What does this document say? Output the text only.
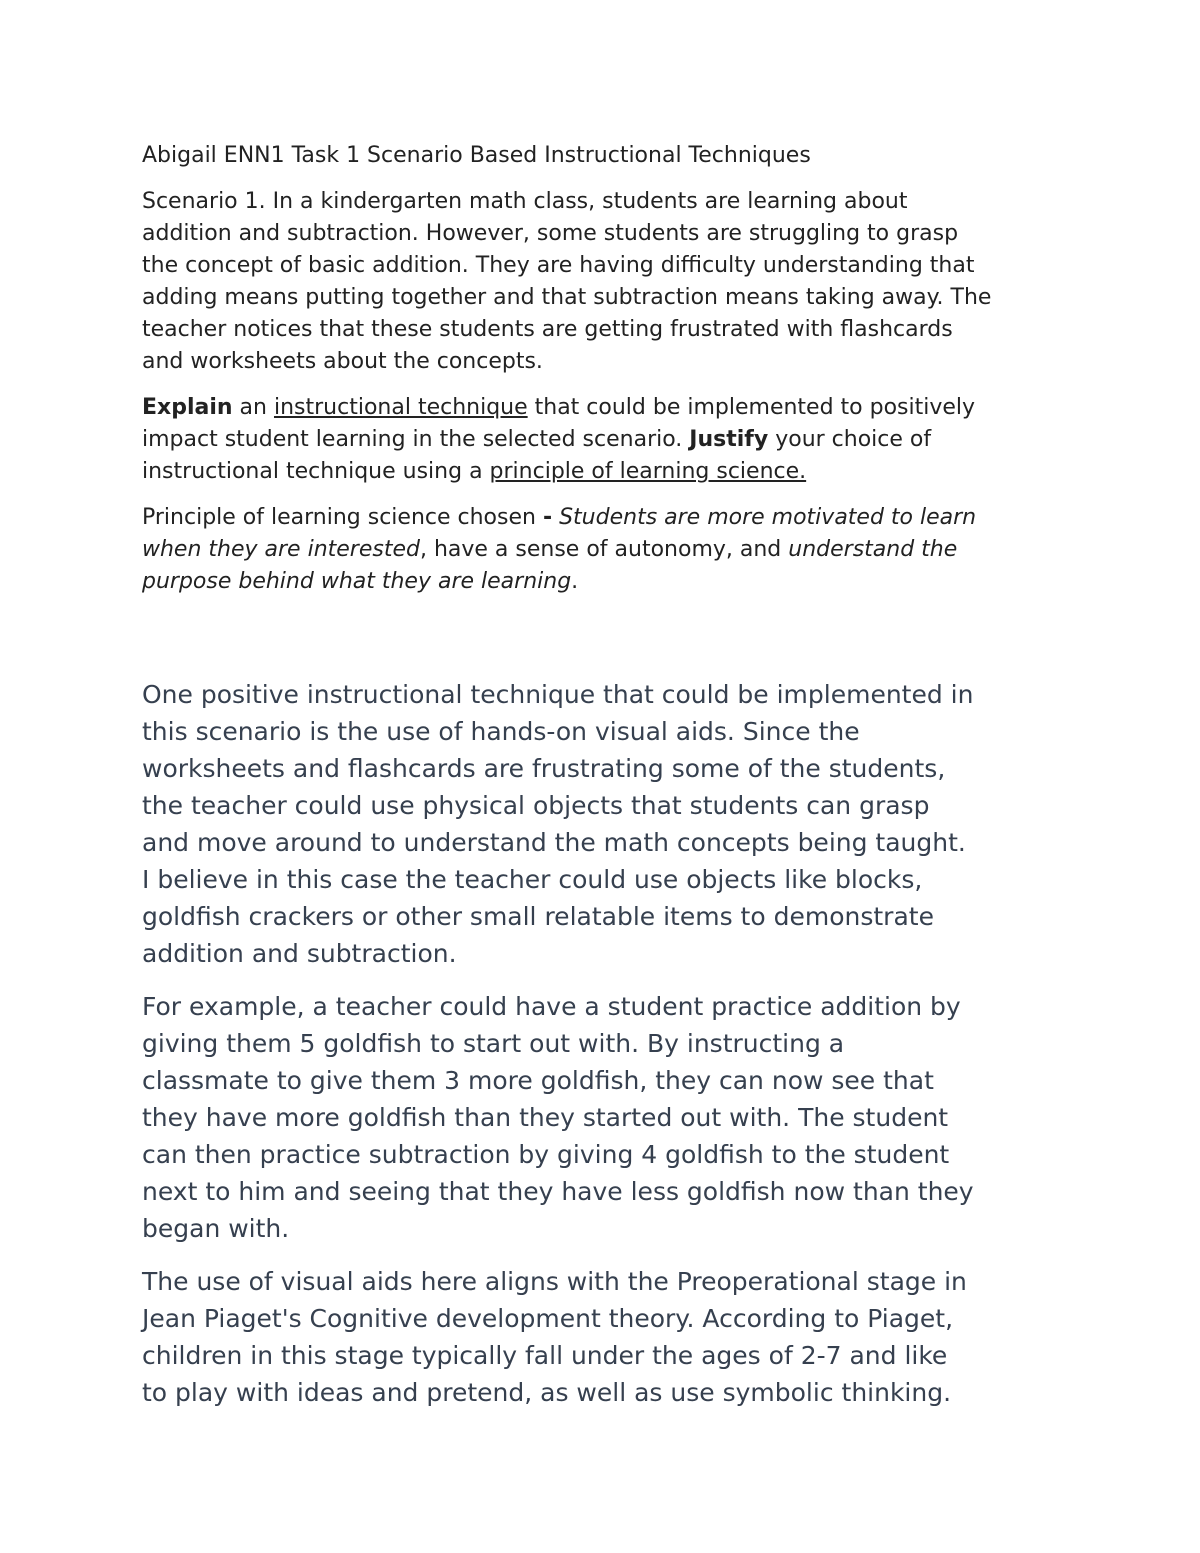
Abigail ENN1 Task 1 Scenario Based Instructional Techniques

Scenario 1. In a kindergarten math class, students are learning about
addition and subtraction. However, some students are struggling to grasp
the concept of basic addition. They are having difficulty understanding that
adding means putting together and that subtraction means taking away. The
teacher notices that these students are getting frustrated with flashcards
and worksheets about the concepts.

Explain an instructional technique that could be implemented to positively
impact student learning in the selected scenario. Justify your choice of
instructional technique using a principle of learning science.

Principle of learning science chosen - Students are more motivated to learn
when they are interested, have a sense of autonomy, and understand the
purpose behind what they are learning.

One positive instructional technique that could be implemented in
this scenario is the use of hands-on visual aids. Since the
worksheets and flashcards are frustrating some of the students,
the teacher could use physical objects that students can grasp
and move around to understand the math concepts being taught.
I believe in this case the teacher could use objects like blocks,
goldfish crackers or other small relatable items to demonstrate
addition and subtraction.

For example, a teacher could have a student practice addition by
giving them 5 goldfish to start out with. By instructing a
classmate to give them 3 more goldfish, they can now see that
they have more goldfish than they started out with. The student
can then practice subtraction by giving 4 goldfish to the student
next to him and seeing that they have less goldfish now than they
began with.

The use of visual aids here aligns with the Preoperational stage in
Jean Piaget's Cognitive development theory. According to Piaget,
children in this stage typically fall under the ages of 2-7 and like
to play with ideas and pretend, as well as use symbolic thinking.
